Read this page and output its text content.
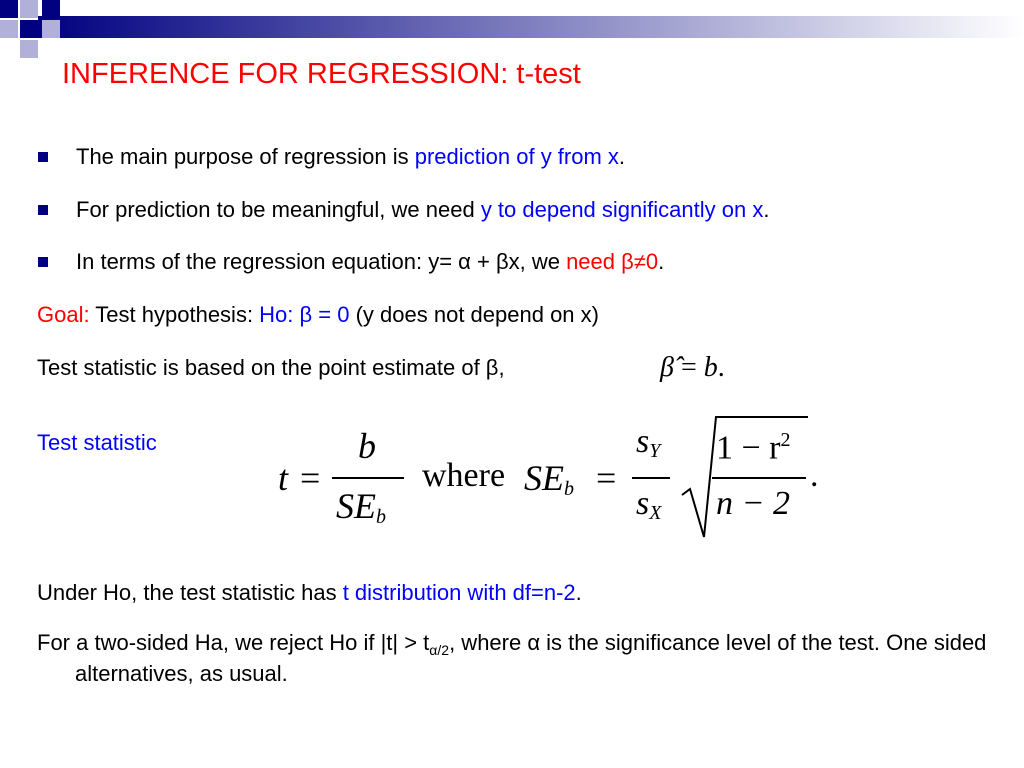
INFERENCE FOR REGRESSION: t-test
The main purpose of regression is prediction of y from x.
For prediction to be meaningful, we need y to depend significantly on x.
In terms of the regression equation: y= α + βx, we need β≠0.
Goal: Test hypothesis: Ho: β = 0 (y does not depend on x)
Test statistic is based on the point estimate of β,	β̂ = b.
Test statistic
t =
b
$SE_b$
where $SE_b$ =
$s_Y$
$s_X$
$1 - r^2$
n − 2
.
Under Ho, the test statistic has t distribution with df=n-2.
For a two-sided Ha, we reject Ho if $|t| > t_{\alpha/2}$, where α is the significance level of the test. One sided alternatives, as usual.
